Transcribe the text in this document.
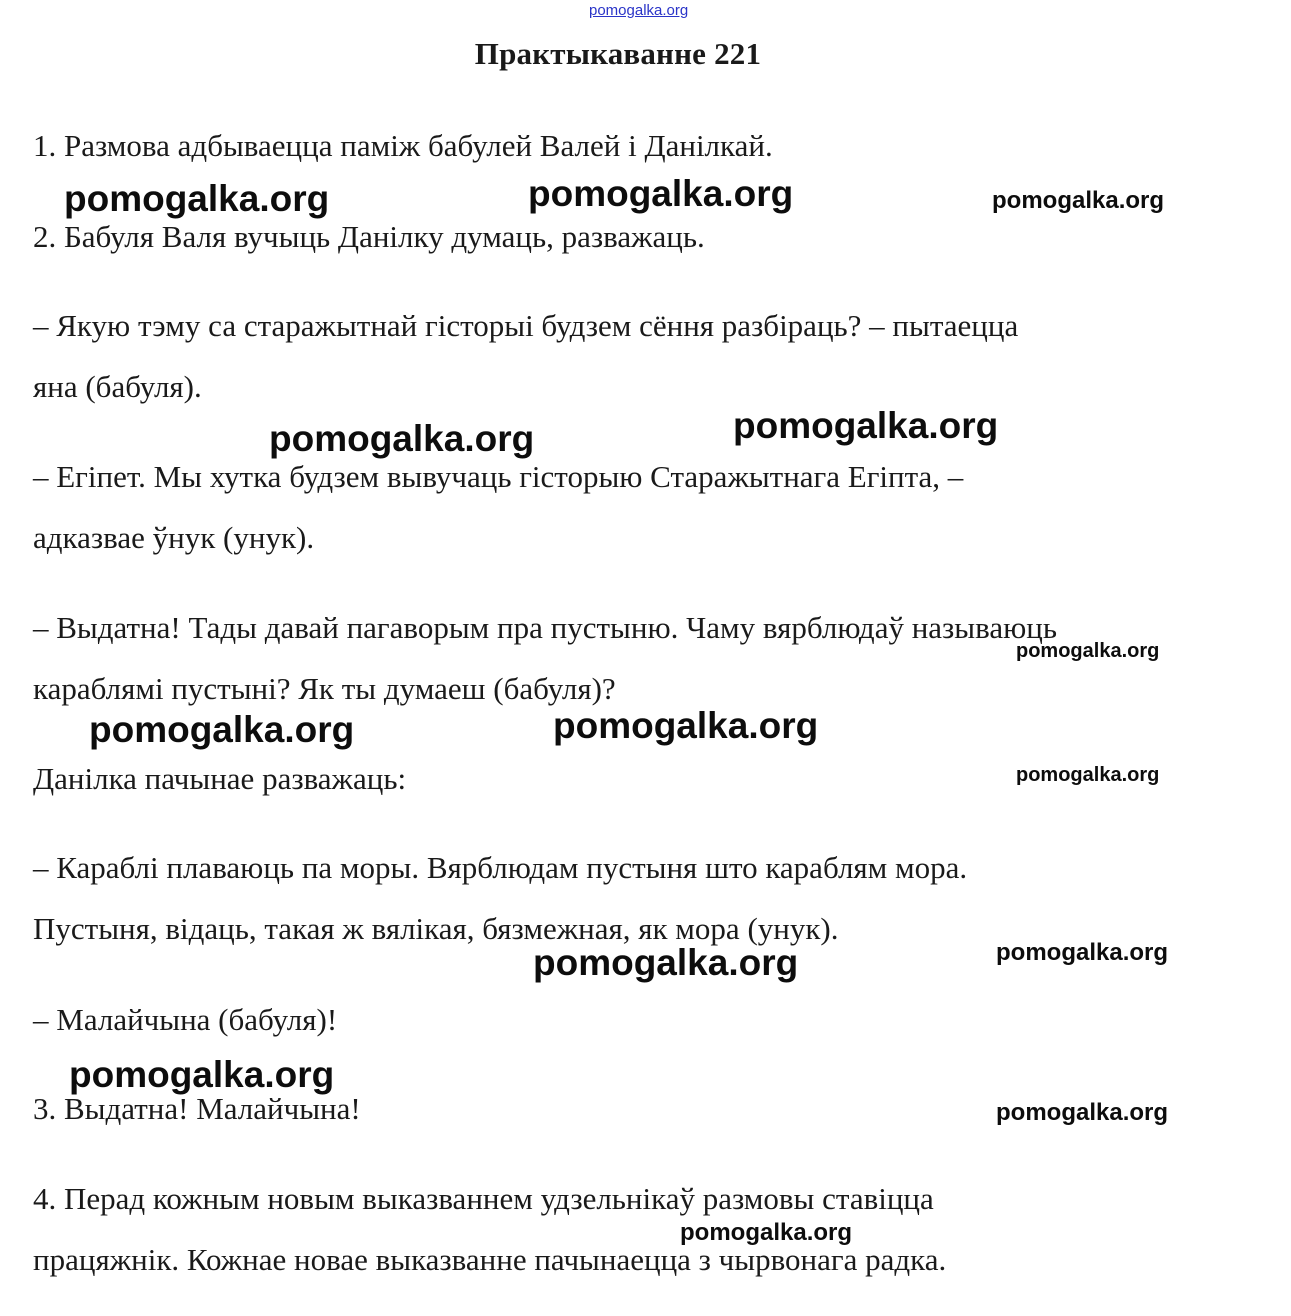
pomogalka.org
Практыкаванне 221
1. Размова адбываецца паміж бабулей Валей і Данілкай.
2. Бабуля Валя вучыць Данілку думаць, разважаць.
– Якую тэму са старажытнай гісторыі будзем сёння разбіраць? – пытаецца
яна (бабуля).
– Егіпет. Мы хутка будзем вывучаць гісторыю Старажытнага Егіпта, –
адказвае ўнук (унук).
– Выдатна! Тады давай пагаворым пра пустыню. Чаму вярблюдаў называюць
караблямі пустыні? Як ты думаеш (бабуля)?
Данілка пачынае разважаць:
– Караблі плаваюць па моры. Вярблюдам пустыня што караблям мора.
Пустыня, відаць, такая ж вялікая, бязмежная, як мора (унук).
– Малайчына (бабуля)!
3. Выдатна! Малайчына!
4. Перад кожным новым выказваннем удзельнікаў размовы ставіцца
працяжнік. Кожнае новае выказванне пачынаецца з чырвонага радка.
pomogalka.org	pomogalka.org	pomogalka.org
pomogalka.org	pomogalka.org
pomogalka.org
pomogalka.org	pomogalka.org
pomogalka.org
pomogalka.org	pomogalka.org
pomogalka.org
pomogalka.org
pomogalka.org
